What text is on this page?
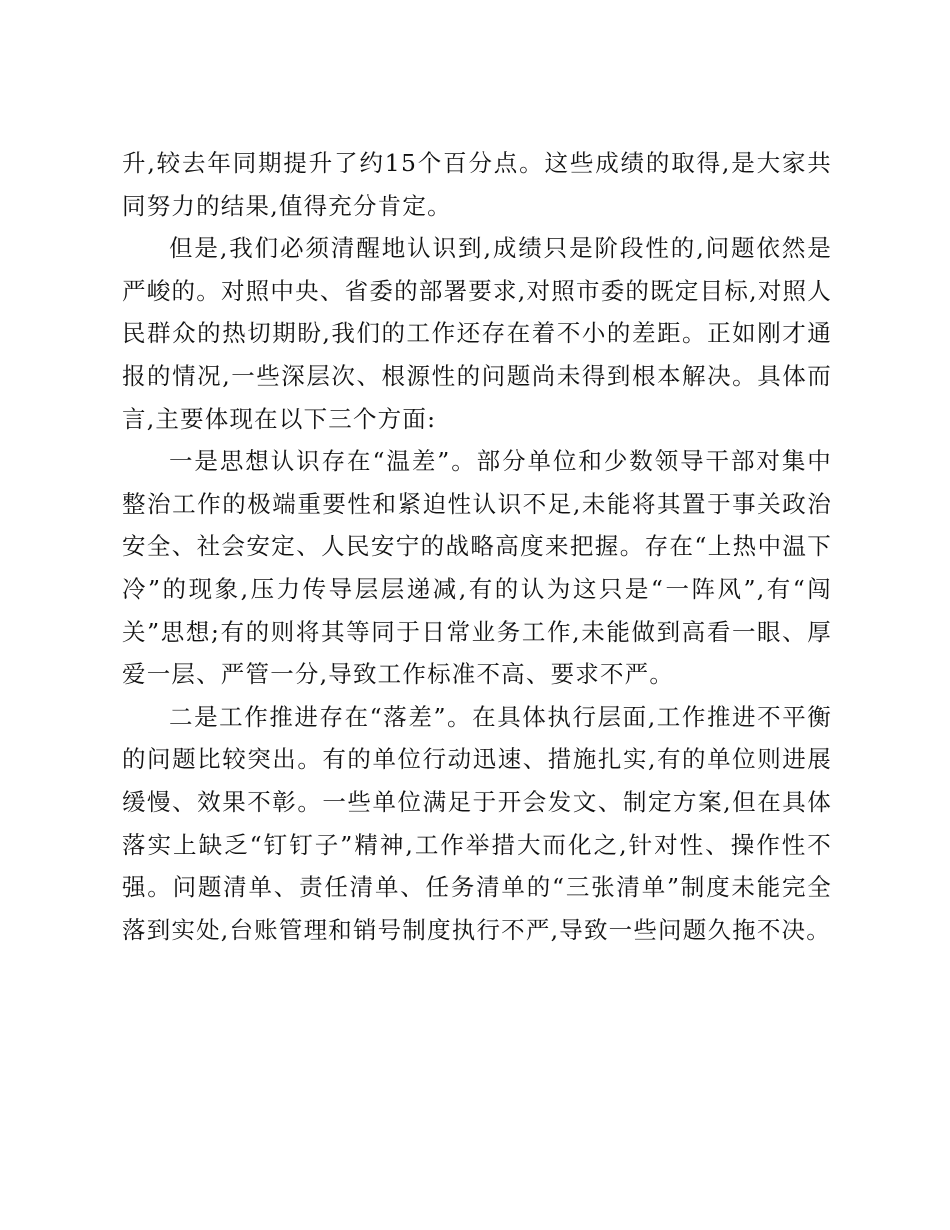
升,较去年同期提升了约15个百分点。这些成绩的取得,是大家共同努力的结果,值得充分肯定。

但是,我们必须清醒地认识到,成绩只是阶段性的,问题依然是严峻的。对照中央、省委的部署要求,对照市委的既定目标,对照人民群众的热切期盼,我们的工作还存在着不小的差距。正如刚才通报的情况,一些深层次、根源性的问题尚未得到根本解决。具体而言,主要体现在以下三个方面:

一是思想认识存在“温差”。部分单位和少数领导干部对集中整治工作的极端重要性和紧迫性认识不足,未能将其置于事关政治安全、社会安定、人民安宁的战略高度来把握。存在“上热中温下冷”的现象,压力传导层层递减,有的认为这只是“一阵风”,有“闯关”思想;有的则将其等同于日常业务工作,未能做到高看一眼、厚爱一层、严管一分,导致工作标准不高、要求不严。

二是工作推进存在“落差”。在具体执行层面,工作推进不平衡的问题比较突出。有的单位行动迅速、措施扎实,有的单位则进展缓慢、效果不彰。一些单位满足于开会发文、制定方案,但在具体落实上缺乏“钉钉子”精神,工作举措大而化之,针对性、操作性不强。问题清单、责任清单、任务清单的“三张清单”制度未能完全落到实处,台账管理和销号制度执行不严,导致一些问题久拖不决。
